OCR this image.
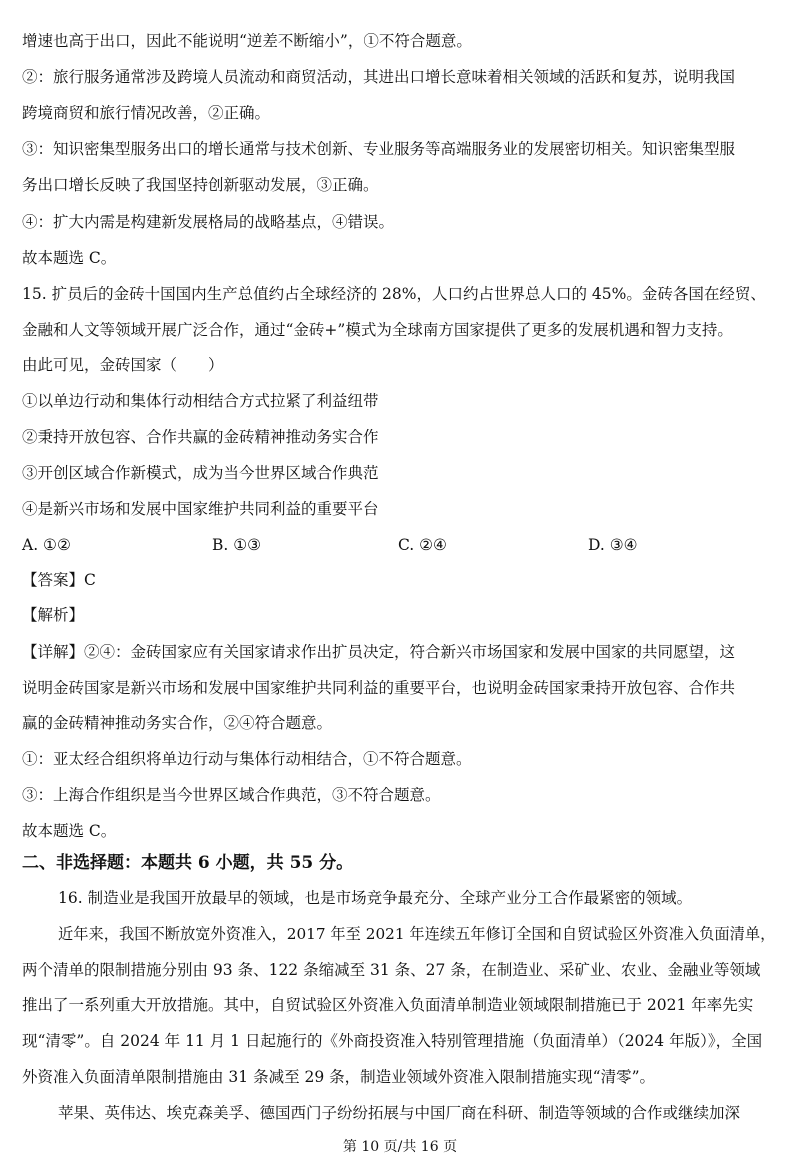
增速也高于出口，因此不能说明“逆差不断缩小”，①不符合题意。
②：旅行服务通常涉及跨境人员流动和商贸活动，其进出口增长意味着相关领域的活跃和复苏，说明我国
跨境商贸和旅行情况改善，②正确。
③：知识密集型服务出口的增长通常与技术创新、专业服务等高端服务业的发展密切相关。知识密集型服
务出口增长反映了我国坚持创新驱动发展，③正确。
④：扩大内需是构建新发展格局的战略基点，④错误。
故本题选 C。
15. 扩员后的金砖十国国内生产总值约占全球经济的 28%，人口约占世界总人口的 45%。金砖各国在经贸、
金融和人文等领域开展广泛合作，通过“金砖+”模式为全球南方国家提供了更多的发展机遇和智力支持。
由此可见，金砖国家（　　）
①以单边行动和集体行动相结合方式拉紧了利益纽带
②秉持开放包容、合作共赢的金砖精神推动务实合作
③开创区域合作新模式，成为当今世界区域合作典范
④是新兴市场和发展中国家维护共同利益的重要平台
A. ①②	B. ①③	C. ②④	D. ③④
【答案】C
【解析】
【详解】②④：金砖国家应有关国家请求作出扩员决定，符合新兴市场国家和发展中国家的共同愿望，这
说明金砖国家是新兴市场和发展中国家维护共同利益的重要平台，也说明金砖国家秉持开放包容、合作共
赢的金砖精神推动务实合作，②④符合题意。
①：亚太经合组织将单边行动与集体行动相结合，①不符合题意。
③：上海合作组织是当今世界区域合作典范，③不符合题意。
故本题选 C。
二、非选择题：本题共 6 小题，共 55 分。
16. 制造业是我国开放最早的领域，也是市场竞争最充分、全球产业分工合作最紧密的领域。
近年来，我国不断放宽外资准入，2017 年至 2021 年连续五年修订全国和自贸试验区外资准入负面清单，
两个清单的限制措施分别由 93 条、122 条缩减至 31 条、27 条，在制造业、采矿业、农业、金融业等领域
推出了一系列重大开放措施。其中，自贸试验区外资准入负面清单制造业领域限制措施已于 2021 年率先实
现“清零”。自 2024 年 11 月 1 日起施行的《外商投资准入特别管理措施（负面清单）（2024 年版）》，全国
外资准入负面清单限制措施由 31 条减至 29 条，制造业领域外资准入限制措施实现“清零”。
苹果、英伟达、埃克森美孚、德国西门子纷纷拓展与中国厂商在科研、制造等领域的合作或继续加深
第 10 页/共 16 页
